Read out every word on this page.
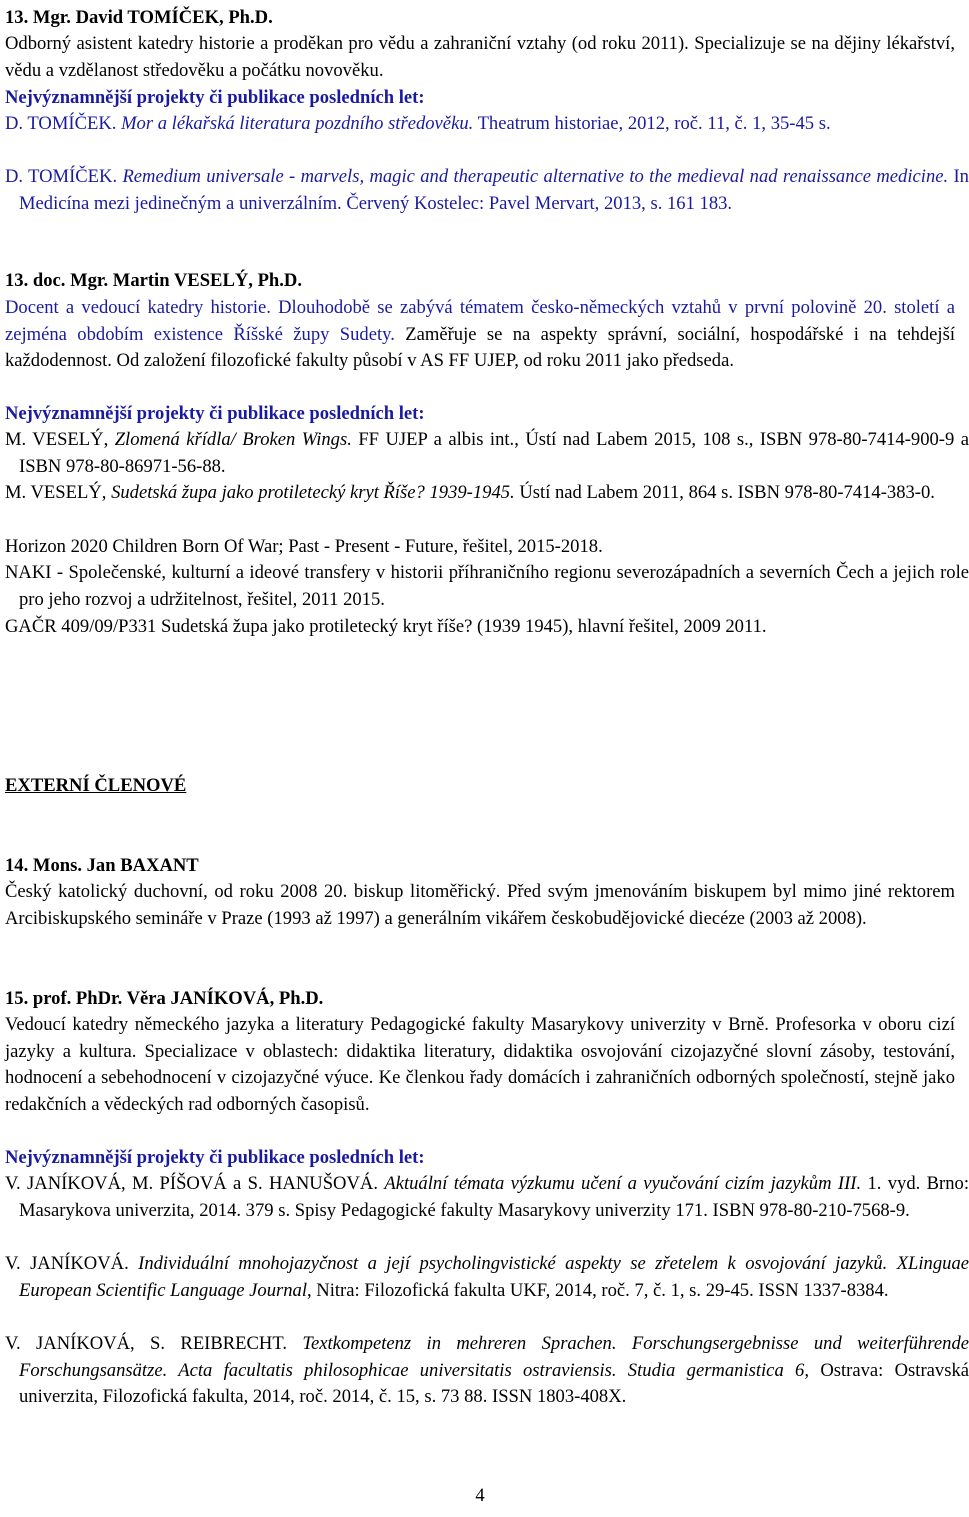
13. Mgr. David TOMÍČEK, Ph.D.

Odborný asistent katedry historie a proděkan pro vědu a zahraniční vztahy (od roku 2011). Specializuje se na dějiny lékařství, vědu a vzdělanost středověku a počátku novověku.

Nejvýznamnější projekty či publikace posledních let:

D. TOMÍČEK. Mor a lékařská literatura pozdního středověku. Theatrum historiae, 2012, roč. 11, č. 1, 35-45 s.

D. TOMÍČEK. Remedium universale - marvels, magic and therapeutic alternative to the medieval nad renaissance medicine. In Medicína mezi jedinečným a univerzálním. Červený Kostelec: Pavel Mervart, 2013, s. 161 183.

13. doc. Mgr. Martin VESELÝ, Ph.D.

Docent a vedoucí katedry historie. Dlouhodobě se zabývá tématem česko-německých vztahů v první polovině 20. století a zejména obdobím existence Říšské župy Sudety. Zaměřuje se na aspekty správní, sociální, hospodářské i na tehdejší každodennost. Od založení filozofické fakulty působí v AS FF UJEP, od roku 2011 jako předseda.

Nejvýznamnější projekty či publikace posledních let:

M. VESELÝ, Zlomená křídla/ Broken Wings. FF UJEP a albis int., Ústí nad Labem 2015, 108 s., ISBN 978-80-7414-900-9 a ISBN 978-80-86971-56-88.

M. VESELÝ, Sudetská župa jako protiletecký kryt Říše? 1939-1945. Ústí nad Labem 2011, 864 s. ISBN 978-80-7414-383-0.

Horizon 2020 Children Born Of War; Past - Present - Future, řešitel, 2015-2018.

NAKI - Společenské, kulturní a ideové transfery v historii příhraničního regionu severozápadních a severních Čech a jejich role pro jeho rozvoj a udržitelnost, řešitel, 2011 2015.

GAČR 409/09/P331 Sudetská župa jako protiletecký kryt říše? (1939 1945), hlavní řešitel, 2009 2011.

EXTERNÍ ČLENOVÉ

14. Mons. Jan BAXANT

Český katolický duchovní, od roku 2008 20. biskup litoměřický. Před svým jmenováním biskupem byl mimo jiné rektorem Arcibiskupského semináře v Praze (1993 až 1997) a generálním vikářem českobudějovické diecéze (2003 až 2008).

15. prof. PhDr. Věra JANÍKOVÁ, Ph.D.

Vedoucí katedry německého jazyka a literatury Pedagogické fakulty Masarykovy univerzity v Brně. Profesorka v oboru cizí jazyky a kultura. Specializace v oblastech: didaktika literatury, didaktika osvojování cizojazyčné slovní zásoby, testování, hodnocení a sebehodnocení v cizojazyčné výuce. Ke členkou řady domácích i zahraničních odborných společností, stejně jako redakčních a vědeckých rad odborných časopisů.

Nejvýznamnější projekty či publikace posledních let:

V. JANÍKOVÁ, M. PÍŠOVÁ a S. HANUŠOVÁ. Aktuální témata výzkumu učení a vyučování cizím jazykům III. 1. vyd. Brno: Masarykova univerzita, 2014. 379 s. Spisy Pedagogické fakulty Masarykovy univerzity 171. ISBN 978-80-210-7568-9.

V. JANÍKOVÁ. Individuální mnohojazyčnost a její psycholingvistické aspekty se zřetelem k osvojování jazyků. XLinguae European Scientific Language Journal, Nitra: Filozofická fakulta UKF, 2014, roč. 7, č. 1, s. 29-45. ISSN 1337-8384.

V. JANÍKOVÁ, S. REIBRECHT. Textkompetenz in mehreren Sprachen. Forschungsergebnisse und weiterführende Forschungsansätze. Acta facultatis philosophicae universitatis ostraviensis. Studia germanistica 6, Ostrava: Ostravská univerzita, Filozofická fakulta, 2014, roč. 2014, č. 15, s. 73 88. ISSN 1803-408X.

4
